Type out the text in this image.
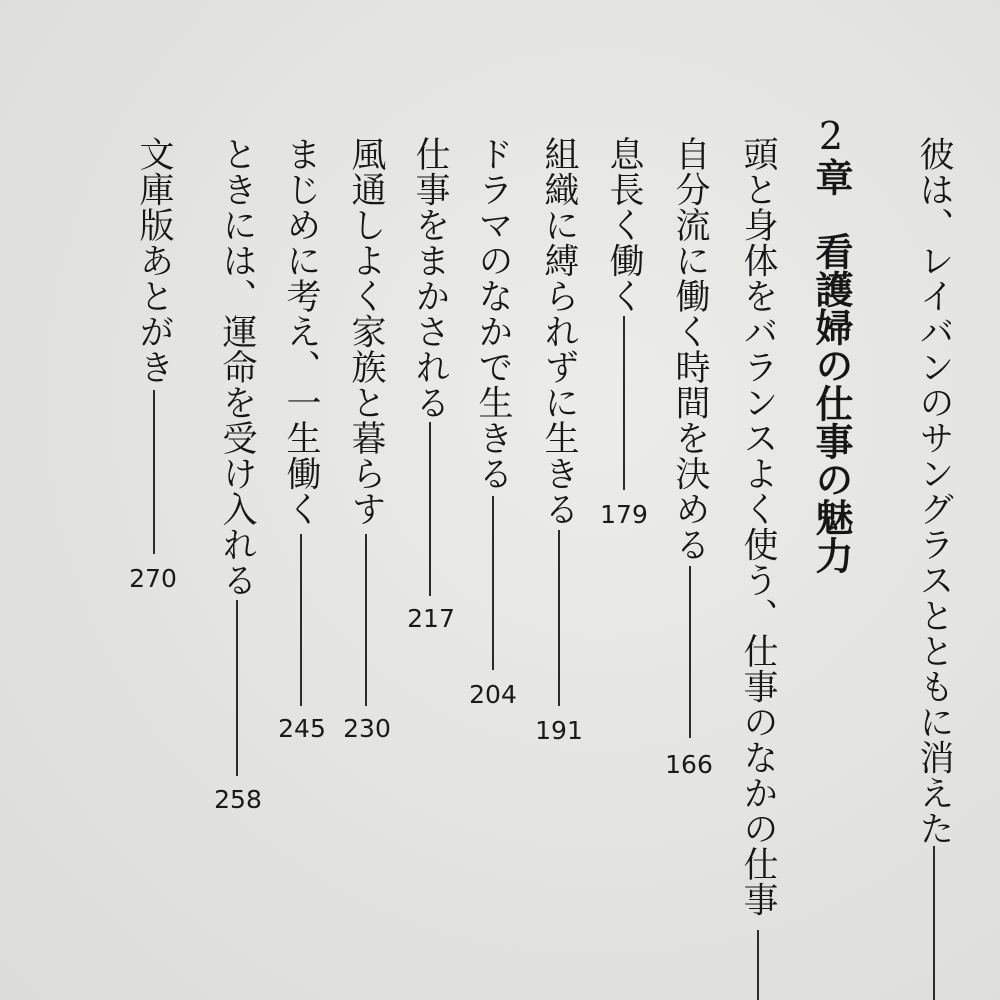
彼は、レイバンのサングラスとともに消えた
2章看護婦の仕事の魅力
頭と身体をバランスよく使う、仕事のなかの仕事
自分流に働く時間を決める
166
息長く働く
179
組織に縛られずに生きる
191
ドラマのなかで生きる
204
仕事をまかされる
217
風通しよく家族と暮らす
230
まじめに考え、一生働く
245
ときには、運命を受け入れる
258
文庫版あとがき
270
